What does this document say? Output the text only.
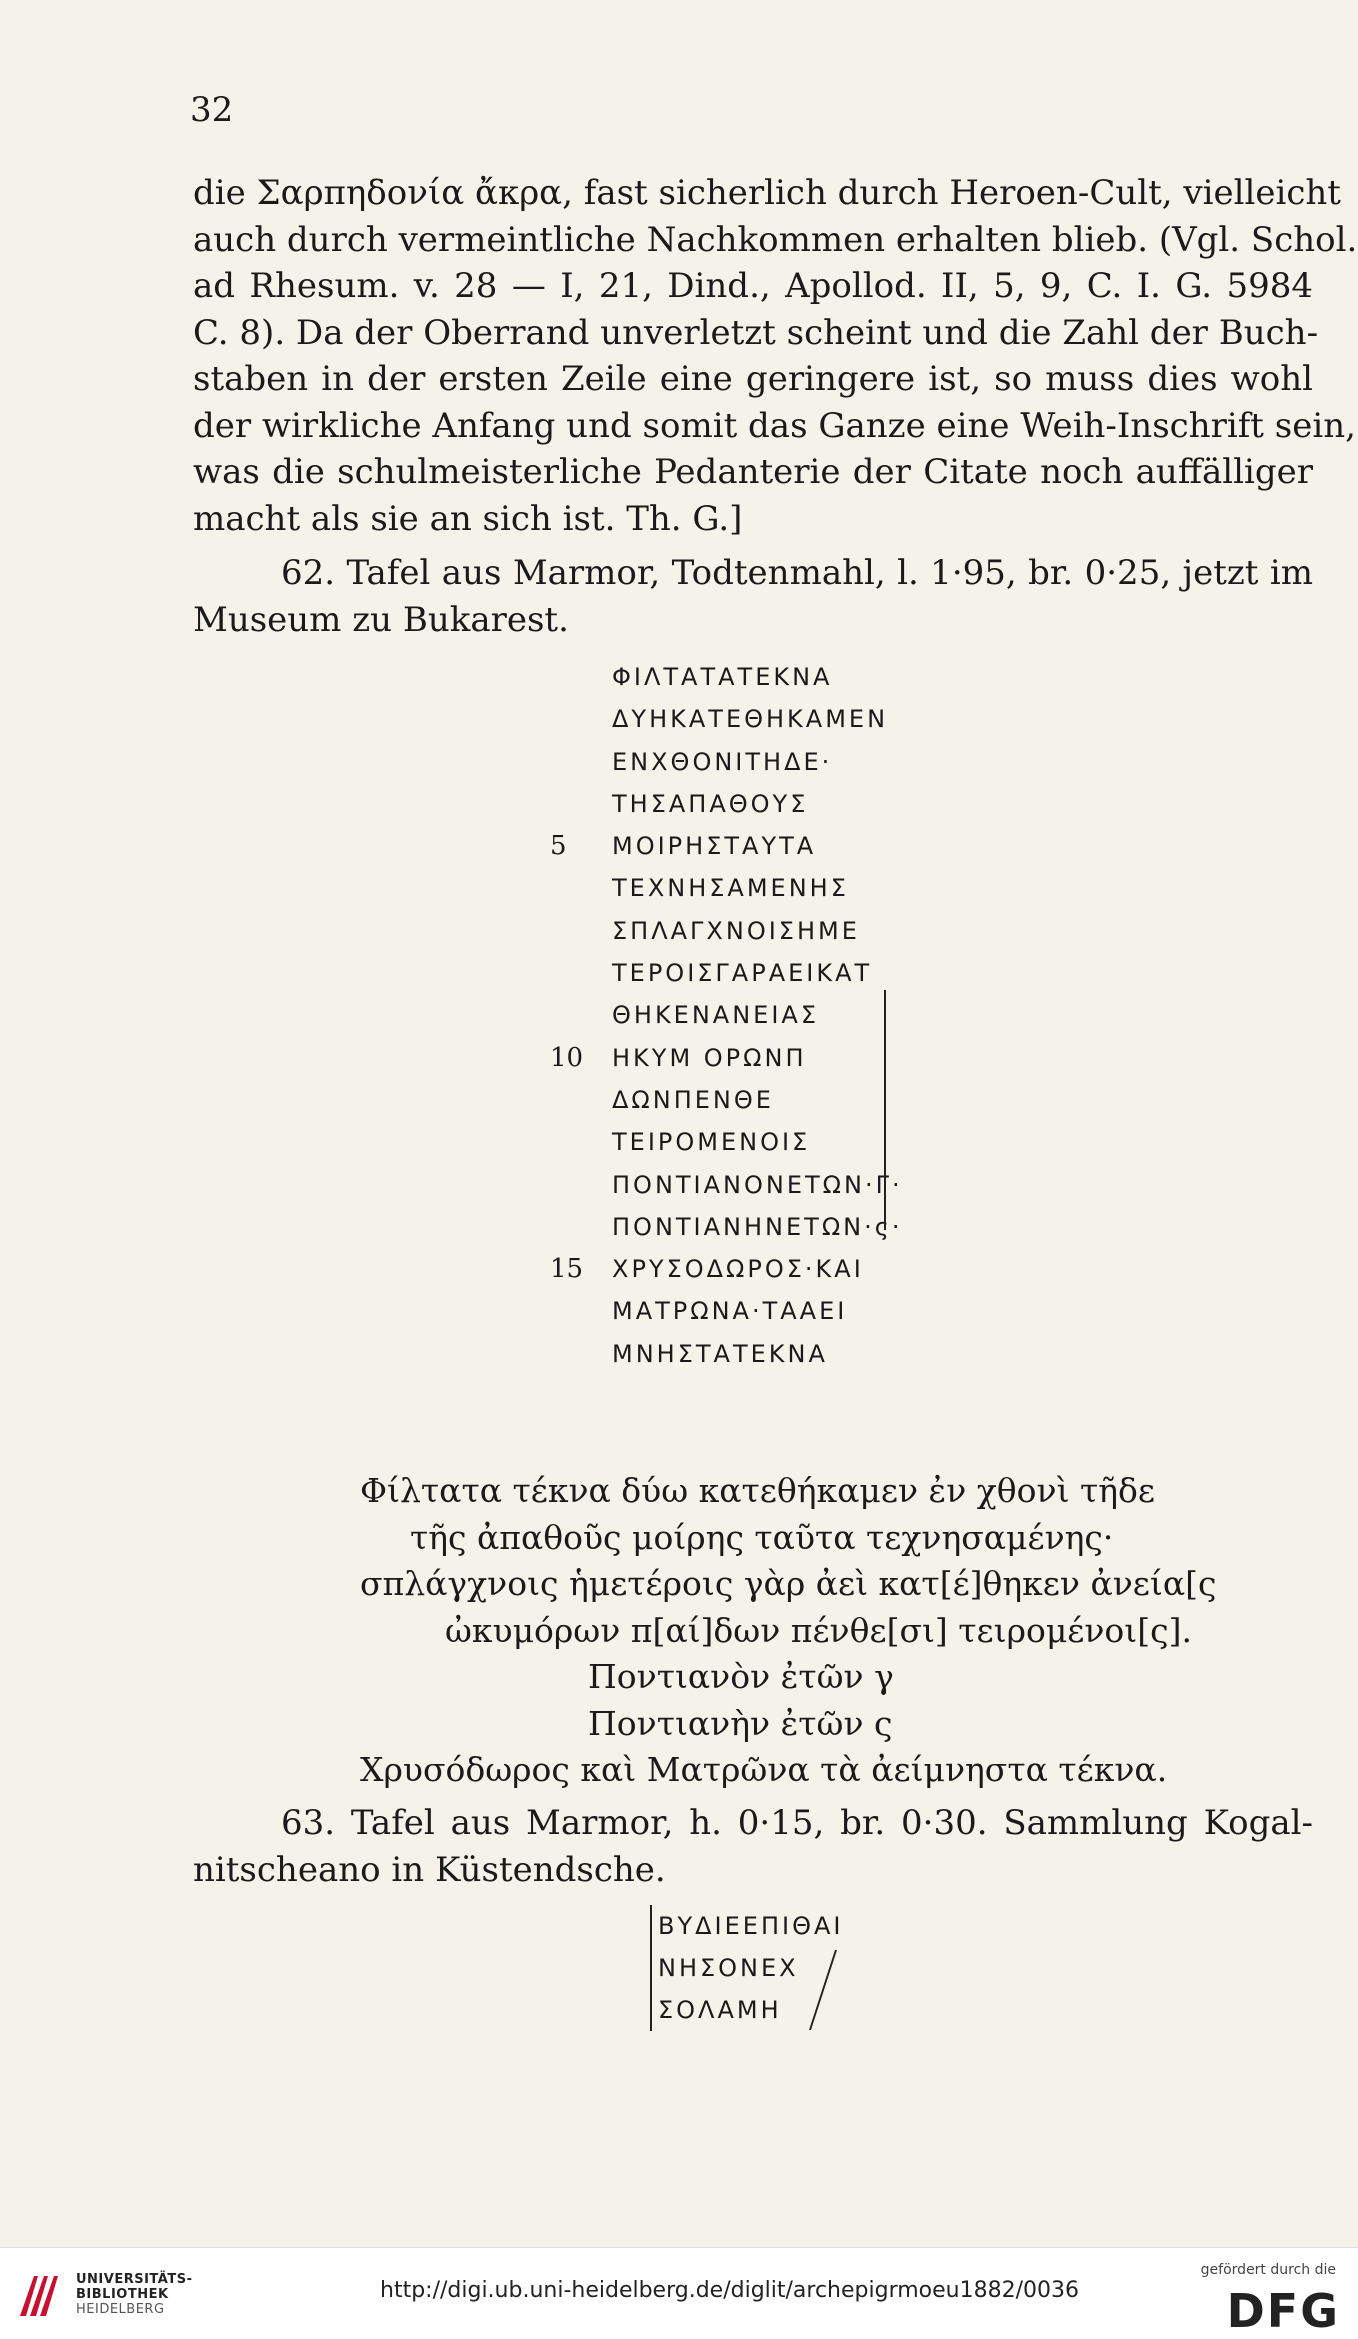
32
die Σαρπηδονία ἄκρα, fast sicherlich durch Heroen-Cult, vielleicht
auch durch vermeintliche Nachkommen erhalten blieb. (Vgl. Schol.
ad Rhesum. v. 28 — I, 21, Dind., Apollod. II, 5, 9, C. I. G. 5984
C. 8). Da der Oberrand unverletzt scheint und die Zahl der Buch-
staben in der ersten Zeile eine geringere ist, so muss dies wohl
der wirkliche Anfang und somit das Ganze eine Weih-Inschrift sein,
was die schulmeisterliche Pedanterie der Citate noch auffälliger
macht als sie an sich ist. Th. G.]
62. Tafel aus Marmor, Todtenmahl, l. 1·95, br. 0·25, jetzt im
Museum zu Bukarest.
ΦΙΛΤΑΤΑΤΕΚΝΑ
ΔΥΗΚΑΤΕΘΗΚΑΜΕΝ
ΕΝΧΘΟΝΙΤΗΔΕ·
ΤΗΣΑΠΑΘΟΥΣ
5 ΜΟΙΡΗΣΤΑΥΤΑ
ΤΕΧΝΗΣΑΜΕΝΗΣ
ΣΠΛΑΓΧΝΟΙΣΗΜΕ
ΤΕΡΟΙΣΓΑΡΑΕΙΚΑΤ
ΘΗΚΕΝΑΝΕΙΑΣ
10 ΗΚΥΜ ΟΡΩΝΠ
ΔΩΝΠΕΝΘΕ
ΤΕΙΡΟΜΕΝΟΙΣ
ΠΟΝΤΙΑΝΟΝΕΤΩΝ·Γ·
ΠΟΝΤΙΑΝΗΝΕΤΩΝ·ς·
15 ΧΡΥΣΟΔΩΡΟΣ·ΚΑΙ
ΜΑΤΡΩΝΑ·ΤΑΑΕΙ
ΜΝΗΣΤΑΤΕΚΝΑ
Φίλτατα τέκνα δύω κατεθήκαμεν ἐν χθονὶ τῆδε
τῆς ἀπαθοῦς μοίρης ταῦτα τεχνησαμένης·
σπλάγχνοις ἡμετέροις γὰρ ἀεὶ κατ[έ]θηκεν ἀνεία[ς
ὠκυμόρων π[αί]δων πένθε[σι] τειρομένοι[ς].
Ποντιανὸν ἐτῶν γ
Ποντιανὴν ἐτῶν ς
Χρυσόδωρος καὶ Ματρῶνα τὰ ἀείμνηστα τέκνα.
63. Tafel aus Marmor, h. 0·15, br. 0·30. Sammlung Kogal-
nitscheano in Küstendsche.
ΒΥΔΙΕΕΠΙΘΑΙ
ΝΗΣΟΝΕΧ
ΣΟΛΑΜΗ
UNIVERSITÄTS-
BIBLIOTHEK
HEIDELBERG
http://digi.ub.uni-heidelberg.de/diglit/archepigrmoeu1882/0036
gefördert durch die
DFG
